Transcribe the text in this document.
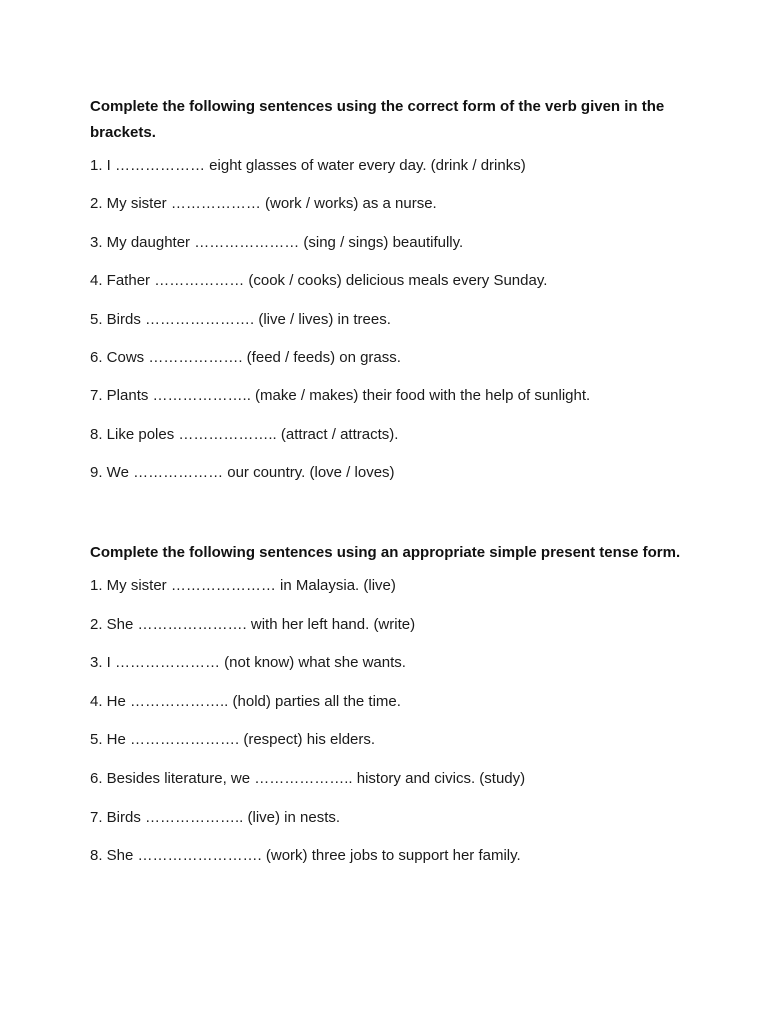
Complete the following sentences using the correct form of the verb given in the brackets.

1. I ……………… eight glasses of water every day. (drink / drinks)
2. My sister ……………… (work / works) as a nurse.
3. My daughter ………………… (sing / sings) beautifully.
4. Father ……………… (cook / cooks) delicious meals every Sunday.
5. Birds …………………. (live / lives) in trees.
6. Cows ………………. (feed / feeds) on grass.
7. Plants ……………….. (make / makes) their food with the help of sunlight.
8. Like poles ……………….. (attract / attracts).
9. We ……………… our country. (love / loves)

Complete the following sentences using an appropriate simple present tense form.

1. My sister ………………… in Malaysia. (live)
2. She …………………. with her left hand. (write)
3. I ………………… (not know) what she wants.
4. He ……………….. (hold) parties all the time.
5. He …………………. (respect) his elders.
6. Besides literature, we ……………….. history and civics. (study)
7. Birds ……………….. (live) in nests.
8. She ……………………. (work) three jobs to support her family.
